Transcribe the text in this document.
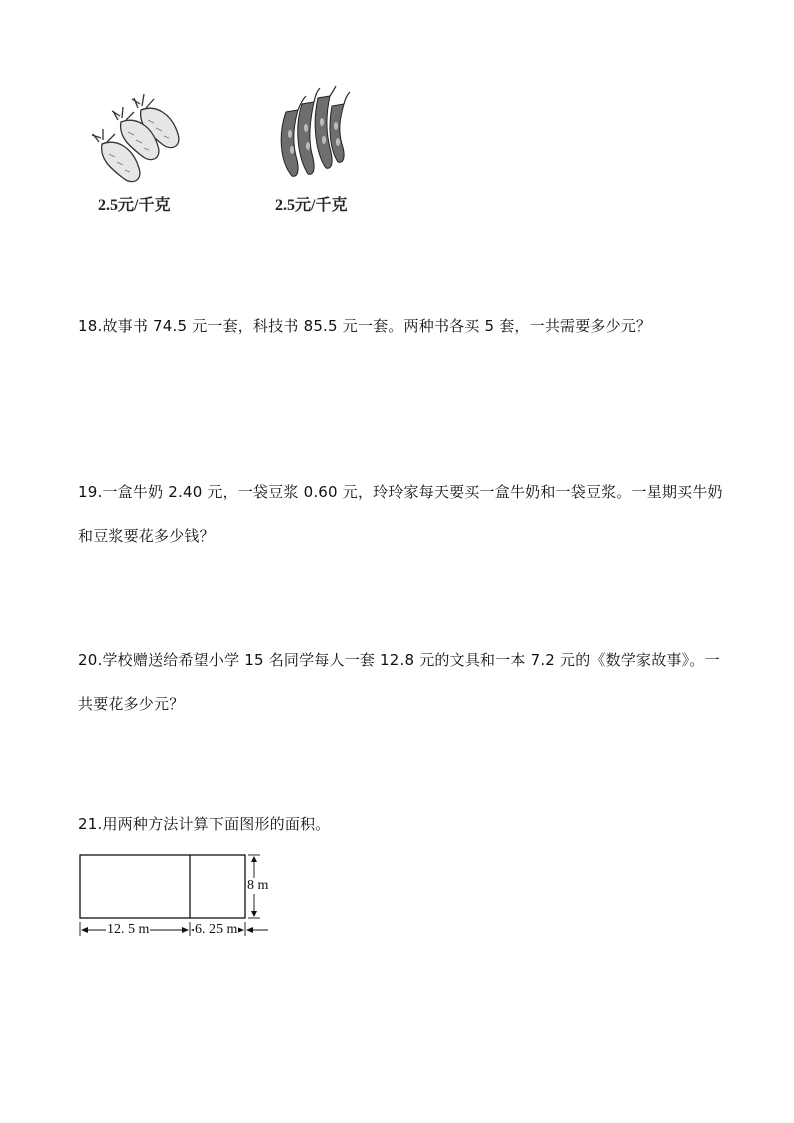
2.5元/千克	2.5元/千克
18.故事书 74.5 元一套，科技书 85.5 元一套。两种书各买 5 套，一共需要多少元？
19.一盒牛奶 2.40 元，一袋豆浆 0.60 元，玲玲家每天要买一盒牛奶和一袋豆浆。一星期买牛奶和豆浆要花多少钱？
20.学校赠送给希望小学 15 名同学每人一套 12.8 元的文具和一本 7.2 元的《数学家故事》。一共要花多少元？
21.用两种方法计算下面图形的面积。
8 m
12. 5 m	6. 25 m
